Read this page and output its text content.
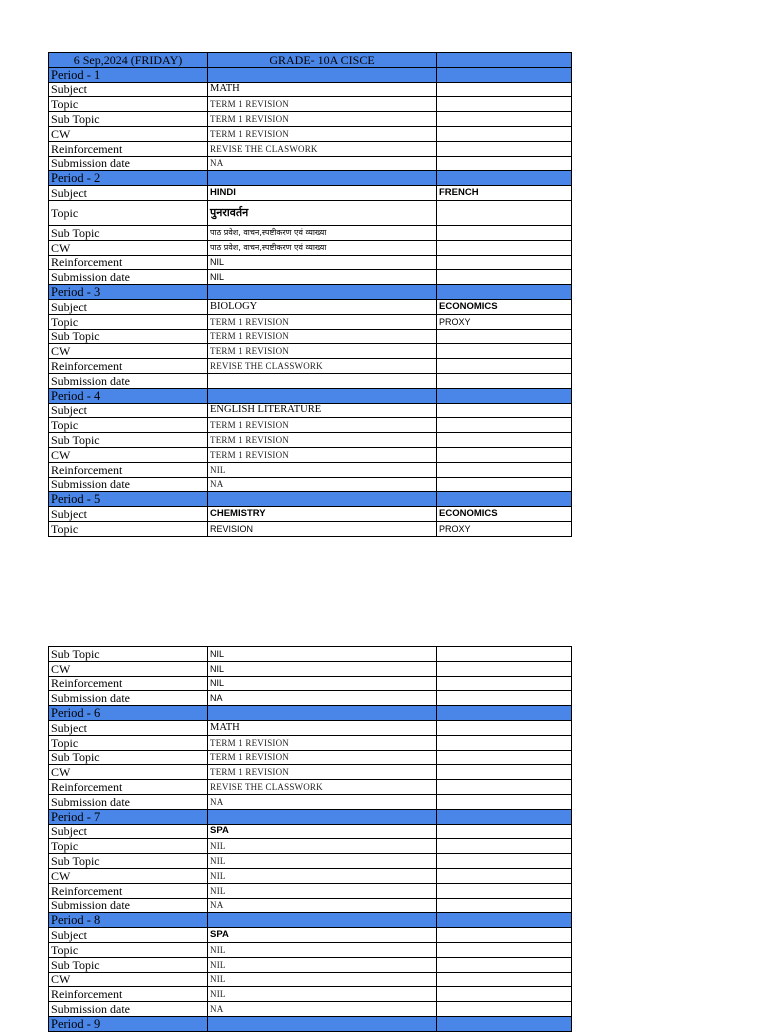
6 Sep,2024 (FRIDAY)	GRADE- 10A CISCE	
Period - 1		
Subject	MATH	
Topic	TERM 1 REVISION	
Sub Topic	TERM 1 REVISION	
CW	TERM 1 REVISION	
Reinforcement	REVISE THE CLASWORK	
Submission date	NA	
Period - 2		
Subject	HINDI	FRENCH
Topic	पुनरावर्तन	
Sub Topic	पाठ प्रवेश, वाचन,स्पष्टीकरण एवं व्याख्या	
CW	पाठ प्रवेश, वाचन,स्पष्टीकरण एवं व्याख्या	
Reinforcement	NIL	
Submission date	NIL	
Period - 3		
Subject	BIOLOGY	ECONOMICS
Topic	TERM 1 REVISION	PROXY
Sub Topic	TERM 1 REVISION	
CW	TERM 1 REVISION	
Reinforcement	REVISE THE CLASSWORK	
Submission date		
Period - 4		
Subject	ENGLISH LITERATURE	
Topic	TERM 1 REVISION	
Sub Topic	TERM 1 REVISION	
CW	TERM 1 REVISION	
Reinforcement	NIL	
Submission date	NA	
Period - 5		
Subject	CHEMISTRY	ECONOMICS
Topic	REVISION	PROXY
Sub Topic	NIL	
CW	NIL	
Reinforcement	NIL	
Submission date	NA	
Period - 6		
Subject	MATH	
Topic	TERM 1 REVISION	
Sub Topic	TERM 1 REVISION	
CW	TERM 1 REVISION	
Reinforcement	REVISE THE CLASSWORK	
Submission date	NA	
Period - 7		
Subject	SPA	
Topic	NIL	
Sub Topic	NIL	
CW	NIL	
Reinforcement	NIL	
Submission date	NA	
Period - 8		
Subject	SPA	
Topic	NIL	
Sub Topic	NIL	
CW	NIL	
Reinforcement	NIL	
Submission date	NA	
Period - 9		
